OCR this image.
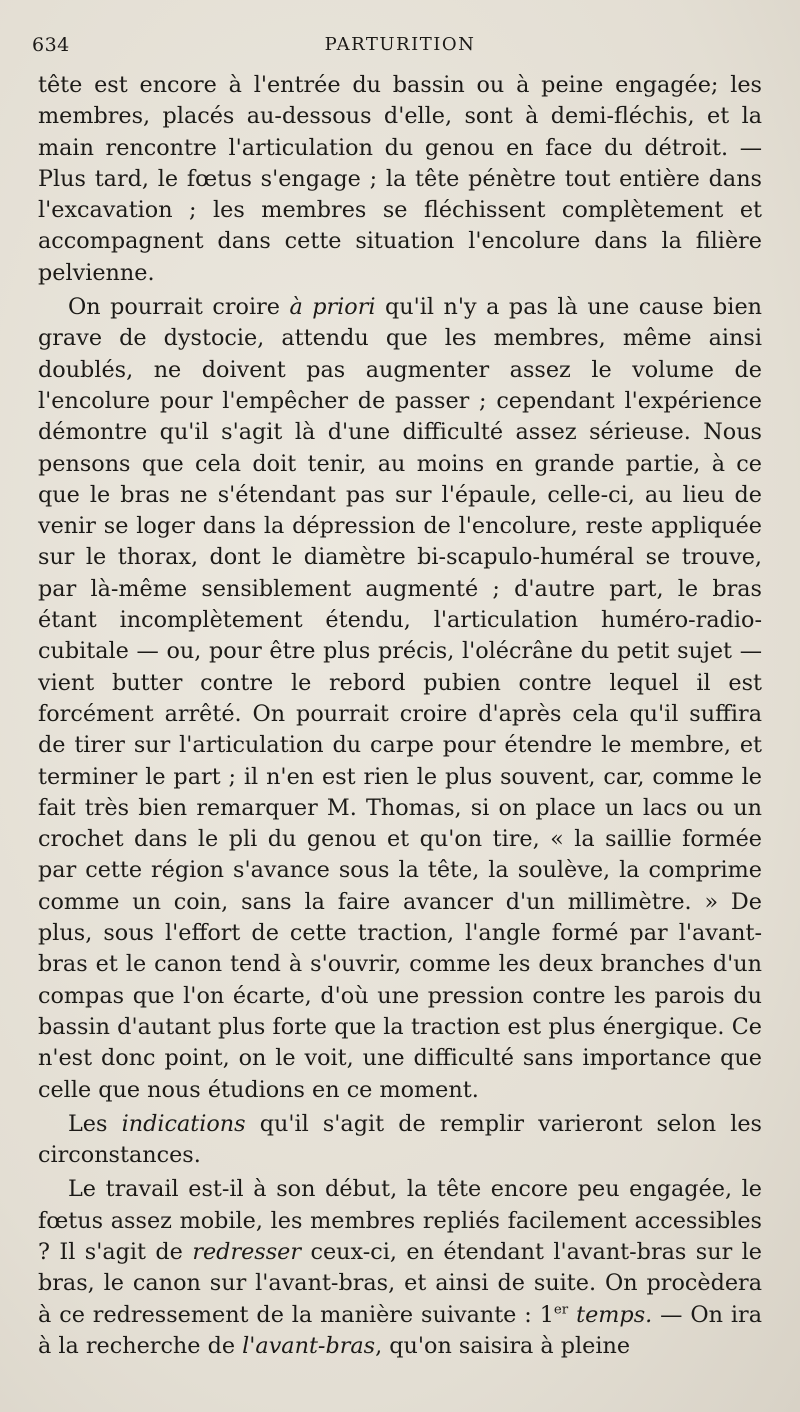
634	PARTURITION

tête est encore à l'entrée du bassin ou à peine engagée; les membres, placés au-dessous d'elle, sont à demi-fléchis, et la main rencontre l'articulation du genou en face du détroit. — Plus tard, le fœtus s'engage ; la tête pénètre tout entière dans l'excavation ; les membres se fléchissent complètement et accompagnent dans cette situation l'encolure dans la filière pelvienne.

On pourrait croire à priori qu'il n'y a pas là une cause bien grave de dystocie, attendu que les membres, même ainsi doublés, ne doivent pas augmenter assez le volume de l'encolure pour l'empêcher de passer ; cependant l'expérience démontre qu'il s'agit là d'une difficulté assez sérieuse. Nous pensons que cela doit tenir, au moins en grande partie, à ce que le bras ne s'étendant pas sur l'épaule, celle-ci, au lieu de venir se loger dans la dépression de l'encolure, reste appliquée sur le thorax, dont le diamètre bi-scapulo-huméral se trouve, par là-même sensiblement augmenté ; d'autre part, le bras étant incomplètement étendu, l'articulation huméro-radio-cubitale — ou, pour être plus précis, l'olécrâne du petit sujet — vient butter contre le rebord pubien contre lequel il est forcément arrêté. On pourrait croire d'après cela qu'il suffira de tirer sur l'articulation du carpe pour étendre le membre, et terminer le part ; il n'en est rien le plus souvent, car, comme le fait très bien remarquer M. Thomas, si on place un lacs ou un crochet dans le pli du genou et qu'on tire, « la saillie formée par cette région s'avance sous la tête, la soulève, la comprime comme un coin, sans la faire avancer d'un millimètre. » De plus, sous l'effort de cette traction, l'angle formé par l'avant-bras et le canon tend à s'ouvrir, comme les deux branches d'un compas que l'on écarte, d'où une pression contre les parois du bassin d'autant plus forte que la traction est plus énergique. Ce n'est donc point, on le voit, une difficulté sans importance que celle que nous étudions en ce moment.

Les indications qu'il s'agit de remplir varieront selon les circonstances.

Le travail est-il à son début, la tête encore peu engagée, le fœtus assez mobile, les membres repliés facilement accessibles ? Il s'agit de redresser ceux-ci, en étendant l'avant-bras sur le bras, le canon sur l'avant-bras, et ainsi de suite. On procèdera à ce redressement de la manière suivante : 1er temps. — On ira à la recherche de l'avant-bras, qu'on saisira à pleine
